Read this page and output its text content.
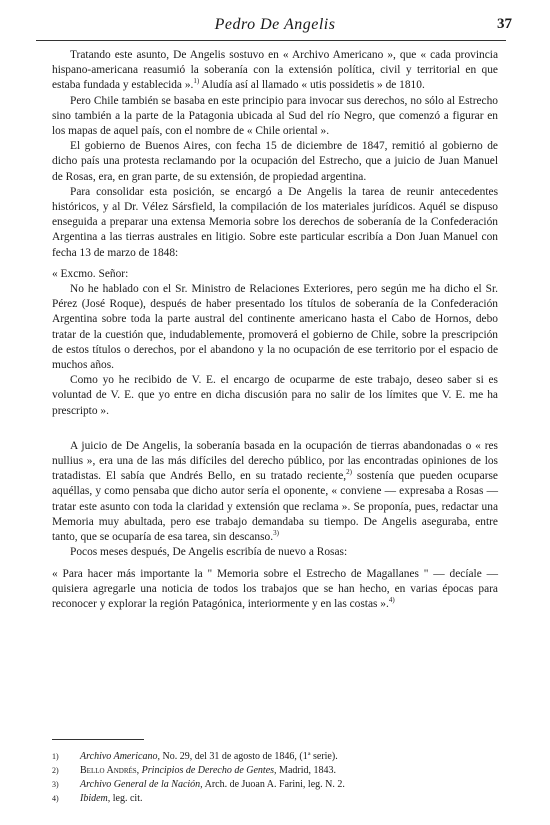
Pedro De Angelis	37

Tratando este asunto, De Angelis sostuvo en « Archivo Americano », que « cada provincia hispano-americana reasumió la soberanía con la extensión política, civil y territorial en que estaba fundada y establecida ».$^{1)}$ Aludía así al llamado « utis possidetis » de 1810.

Pero Chile también se basaba en este principio para invocar sus derechos, no sólo al Estrecho sino también a la parte de la Patagonia ubicada al Sud del río Negro, que comenzó a figurar en los mapas de aquel país, con el nombre de « Chile oriental ».

El gobierno de Buenos Aires, con fecha 15 de diciembre de 1847, remitió al gobierno de dicho país una protesta reclamando por la ocupación del Estrecho, que a juicio de Juan Manuel de Rosas, era, en gran parte, de su extensión, de propiedad argentina.

Para consolidar esta posición, se encargó a De Angelis la tarea de reunir antecedentes históricos, y al Dr. Vélez Sársfield, la compilación de los materiales jurídicos. Aquél se dispuso enseguida a preparar una extensa Memoria sobre los derechos de soberanía de la Confederación Argentina a las tierras australes en litigio. Sobre este particular escribía a Don Juan Manuel con fecha 13 de marzo de 1848:

« Excmo. Señor:

No he hablado con el Sr. Ministro de Relaciones Exteriores, pero según me ha dicho el Sr. Pérez (José Roque), después de haber presentado los títulos de soberanía de la Confederación Argentina sobre toda la parte austral del continente americano hasta el Cabo de Hornos, debo tratar de la cuestión que, indudablemente, promoverá el gobierno de Chile, sobre la prescripción de estos títulos o derechos, por el abandono y la no ocupación de ese territorio por el espacio de muchos años.

Como yo he recibido de V. E. el encargo de ocuparme de este trabajo, deseo saber si es voluntad de V. E. que yo entre en dicha discusión para no salir de los límites que V. E. me ha prescripto ».

A juicio de De Angelis, la soberanía basada en la ocupación de tierras abandonadas o « res nullius », era una de las más difíciles del derecho público, por las encontradas opiniones de los tratadistas. El sabía que Andrés Bello, en su tratado reciente,$^{2)}$ sostenía que pueden ocuparse aquéllas, y como pensaba que dicho autor sería el oponente, « conviene — expresaba a Rosas — tratar este asunto con toda la claridad y extensión que reclama ». Se proponía, pues, redactar una Memoria muy abultada, pero ese trabajo demandaba su tiempo. De Angelis aseguraba, entre tanto, que se ocuparía de esa tarea, sin descanso.$^{3)}$

Pocos meses después, De Angelis escribía de nuevo a Rosas:

« Para hacer más importante la " Memoria sobre el Estrecho de Magallanes " — decíale — quisiera agregarle una noticia de todos los trabajos que se han hecho, en varias épocas para reconocer y explorar la región Patagónica, interiormente y en las costas ».$^{4)}$

1)	Archivo Americano, No. 29, del 31 de agosto de 1846, (1ª serie).
2)	Bello Andrés, Principios de Derecho de Gentes, Madrid, 1843.
3)	Archivo General de la Nación, Arch. de Juoan A. Farini, leg. N. 2.
4)	Ibidem, leg. cit.
